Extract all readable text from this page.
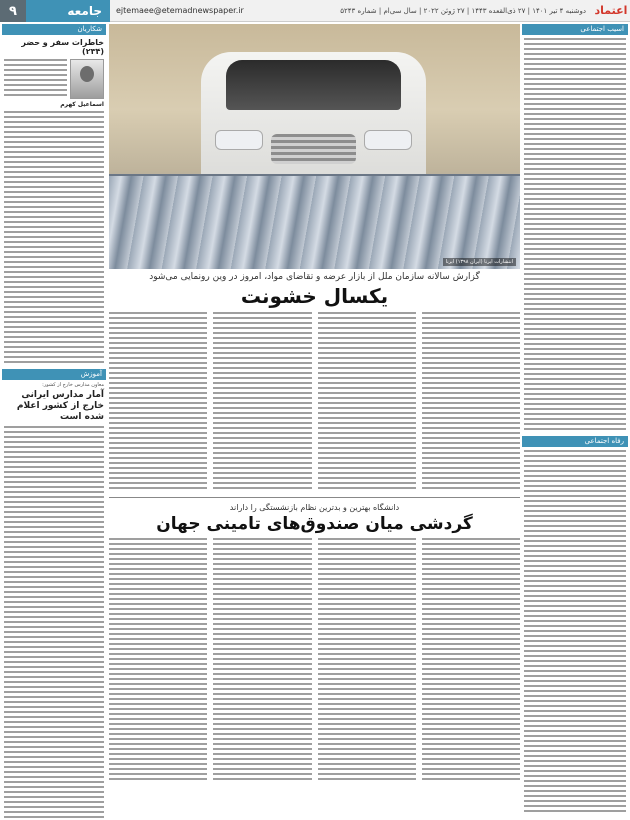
۹	جامعه	ejtemaee@etemadnewspaper.ir	دوشنبه ۴ تیر ۱۴۰۱ | ۲۷ ذی‌القعده ۱۴۴۳ | ۲۷ ژوئن ۲۰۲۲ | سال سی‌ام | شماره ۵۲۴۳ اعتماد
شکاریان
خاطرات سفر و حضر (۲۳۴)
اسماعیل کهرم
آموزش
معاون مدارس خارج از کشور:
آمار مدارس ایرانی خارج از کشور اعلام شده است
انتشارات ایرنا (ایران ۱۳۹۸) ایرنا
گزارش سالانه سازمان ملل از بازار عرضه و تقاضای مواد، امروز در وین رونمایی می‌شود
یکسال خشونت
دانشگاه بهترین و بدترین نظام بازنشستگی را داراند
گردشی میان صندوق‌های تامینی جهان
اسیب اجتماعی
رفاه اجتماعی
